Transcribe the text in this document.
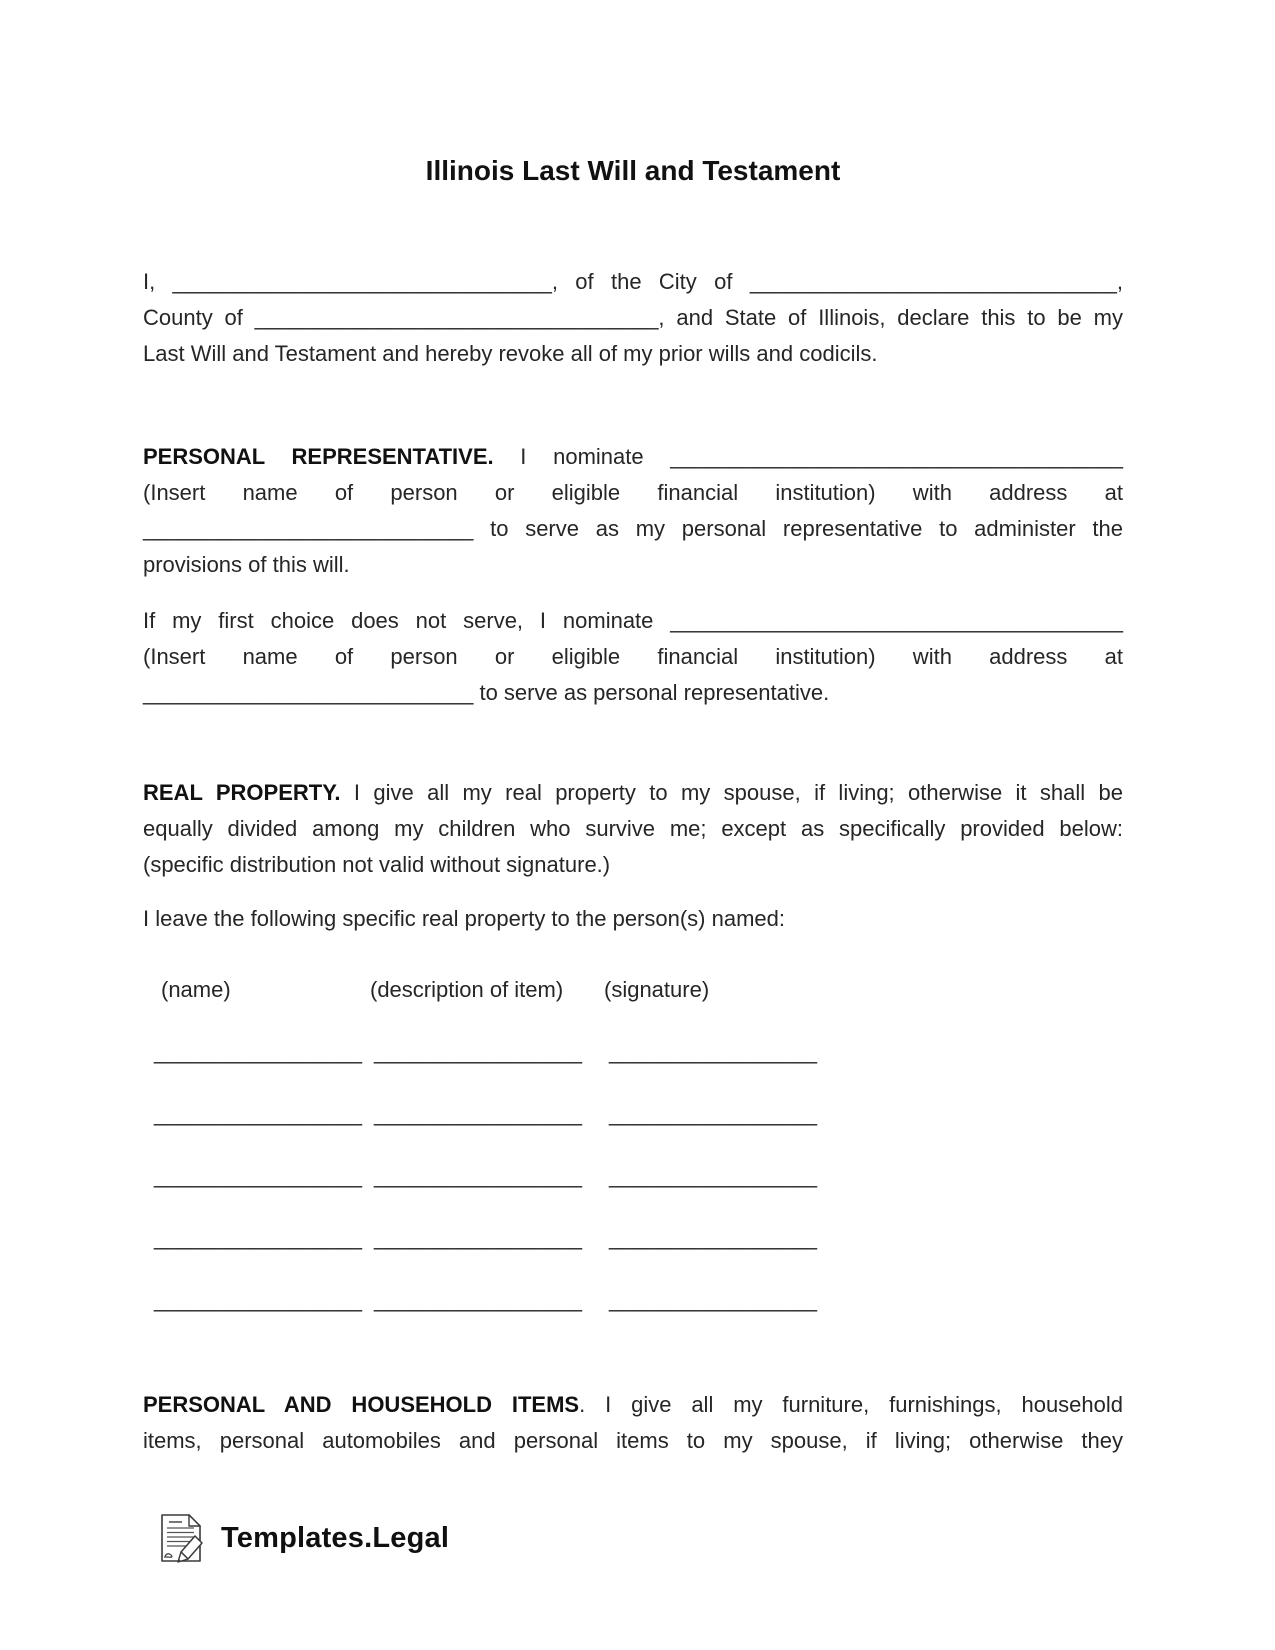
Illinois Last Will and Testament
I, _______________________________, of the City of ______________________________,
County of _________________________________, and State of Illinois, declare this to be my
Last Will and Testament and hereby revoke all of my prior wills and codicils.
PERSONAL REPRESENTATIVE. I nominate _____________________________________
(Insert name of person or eligible financial institution) with address at
___________________________ to serve as my personal representative to administer the
provisions of this will.
If my first choice does not serve, I nominate _____________________________________
(Insert name of person or eligible financial institution) with address at
___________________________ to serve as personal representative.
REAL PROPERTY. I give all my real property to my spouse, if living; otherwise it shall be
equally divided among my children who survive me; except as specifically provided below:
(specific distribution not valid without signature.)
I leave the following specific real property to the person(s) named:
(name)	(description of item) (signature)
_________________ _________________ _________________
_________________ _________________ _________________
_________________ _________________ _________________
_________________ _________________ _________________
_________________ _________________ _________________
PERSONAL AND HOUSEHOLD ITEMS. I give all my furniture, furnishings, household
items, personal automobiles and personal items to my spouse, if living; otherwise they
Templates.Legal
